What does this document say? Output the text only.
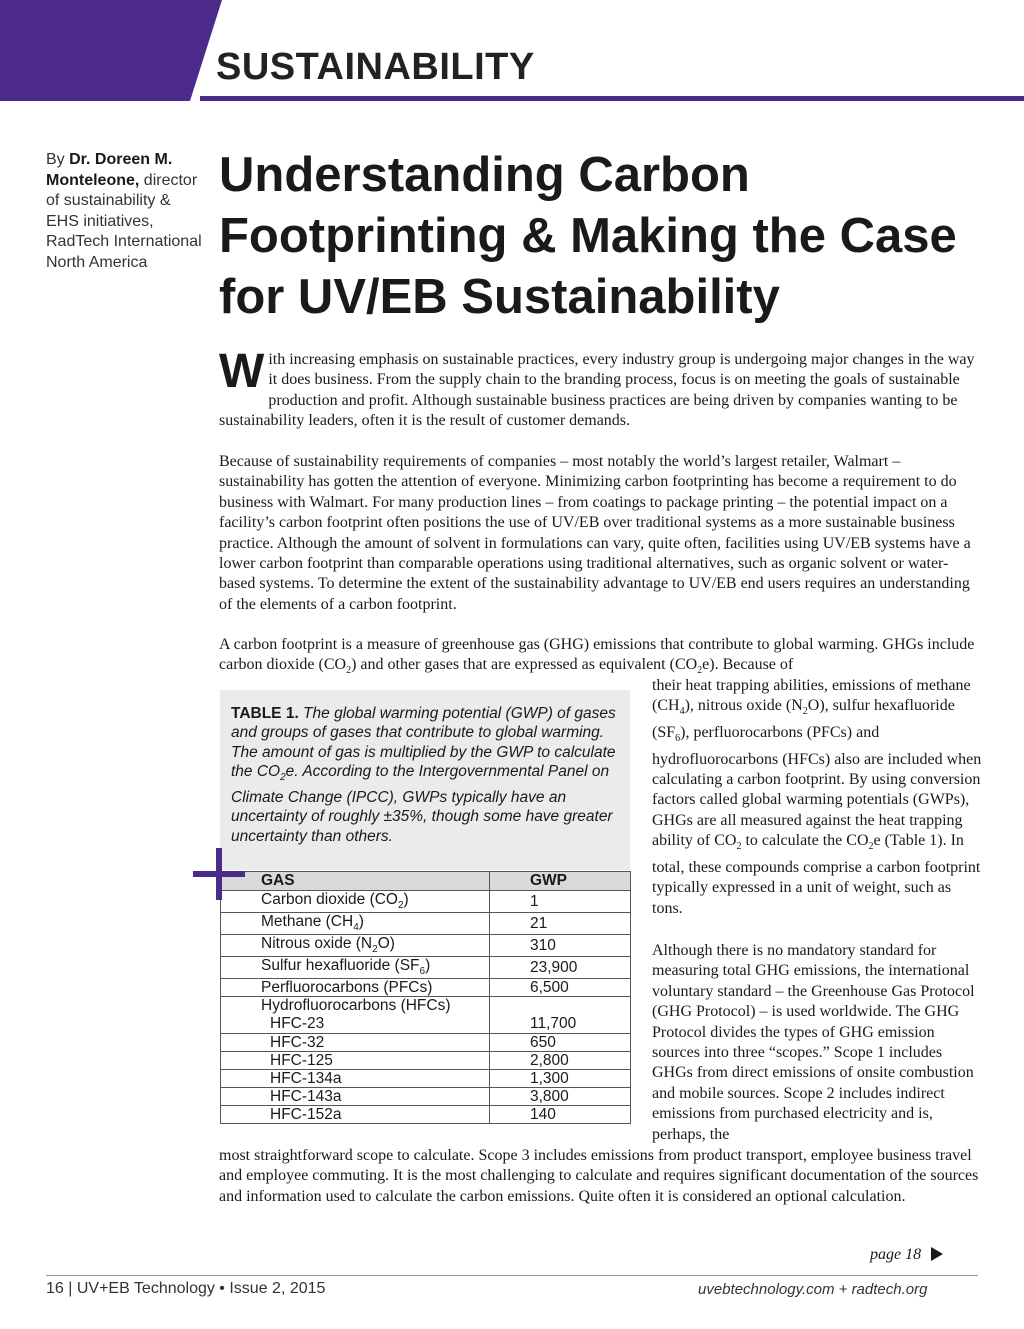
SUSTAINABILITY
By Dr. Doreen M. Monteleone, director of sustainability & EHS initiatives, RadTech International North America
Understanding Carbon Footprinting & Making the Case for UV/EB Sustainability

With increasing emphasis on sustainable practices, every industry group is undergoing major changes in the way it does business. From the supply chain to the branding process, focus is on meeting the goals of sustainable production and profit. Although sustainable business practices are being driven by companies wanting to be sustainability leaders, often it is the result of customer demands.

Because of sustainability requirements of companies – most notably the world’s largest retailer, Walmart – sustainability has gotten the attention of everyone. Minimizing carbon footprinting has become a requirement to do business with Walmart. For many production lines – from coatings to package printing – the potential impact on a facility’s carbon footprint often positions the use of UV/EB over traditional systems as a more sustainable business practice. Although the amount of solvent in formulations can vary, quite often, facilities using UV/EB systems have a lower carbon footprint than comparable operations using traditional alternatives, such as organic solvent or water-based systems. To determine the extent of the sustainability advantage to UV/EB end users requires an understanding of the elements of a carbon footprint.

A carbon footprint is a measure of greenhouse gas (GHG) emissions that contribute to global warming. GHGs include carbon dioxide $(CO_2)$ and other gases that are expressed as equivalent $(CO_2e)$. Because of

their heat trapping abilities, emissions of methane $(CH_4)$, nitrous oxide $(N_2O)$, sulfur hexafluoride $(SF_6)$, perfluorocarbons (PFCs) and hydrofluorocarbons (HFCs) also are included when calculating a carbon footprint. By using conversion factors called global warming potentials (GWPs), GHGs are all measured against the heat trapping ability of $CO_2$ to calculate the $CO_2e$ (Table 1). In total, these compounds comprise a carbon footprint typically expressed in a unit of weight, such as tons.

Although there is no mandatory standard for measuring total GHG emissions, the international voluntary standard – the Greenhouse Gas Protocol (GHG Protocol) – is used worldwide. The GHG Protocol divides the types of GHG emission sources into three “scopes.” Scope 1 includes GHGs from direct emissions of onsite combustion and mobile sources. Scope 2 includes indirect emissions from purchased electricity and is, perhaps, the

most straightforward scope to calculate. Scope 3 includes emissions from product transport, employee business travel and employee commuting. It is the most challenging to calculate and requires significant documentation of the sources and information used to calculate the carbon emissions. Quite often it is considered an optional calculation.

TABLE 1. The global warming potential (GWP) of gases and groups of gases that contribute to global warming. The amount of gas is multiplied by the GWP to calculate the $CO_2e$. According to the Intergovernmental Panel on Climate Change (IPCC), GWPs typically have an uncertainty of roughly ±35%, though some have greater uncertainty than others.
GAS	GWP
Carbon dioxide $(CO_2)$	1
Methane $(CH_4)$	21
Nitrous oxide $(N_2O)$	310
Sulfur hexafluoride $(SF_6)$	23,900
Perfluorocarbons (PFCs)	6,500
Hydrofluorocarbons (HFCs)	
HFC-23	11,700
HFC-32	650
HFC-125	2,800
HFC-134a	1,300
HFC-143a	3,800
HFC-152a	140
page 18
16 | UV+EB Technology • Issue 2, 2015	uvebtechnology.com + radtech.org
